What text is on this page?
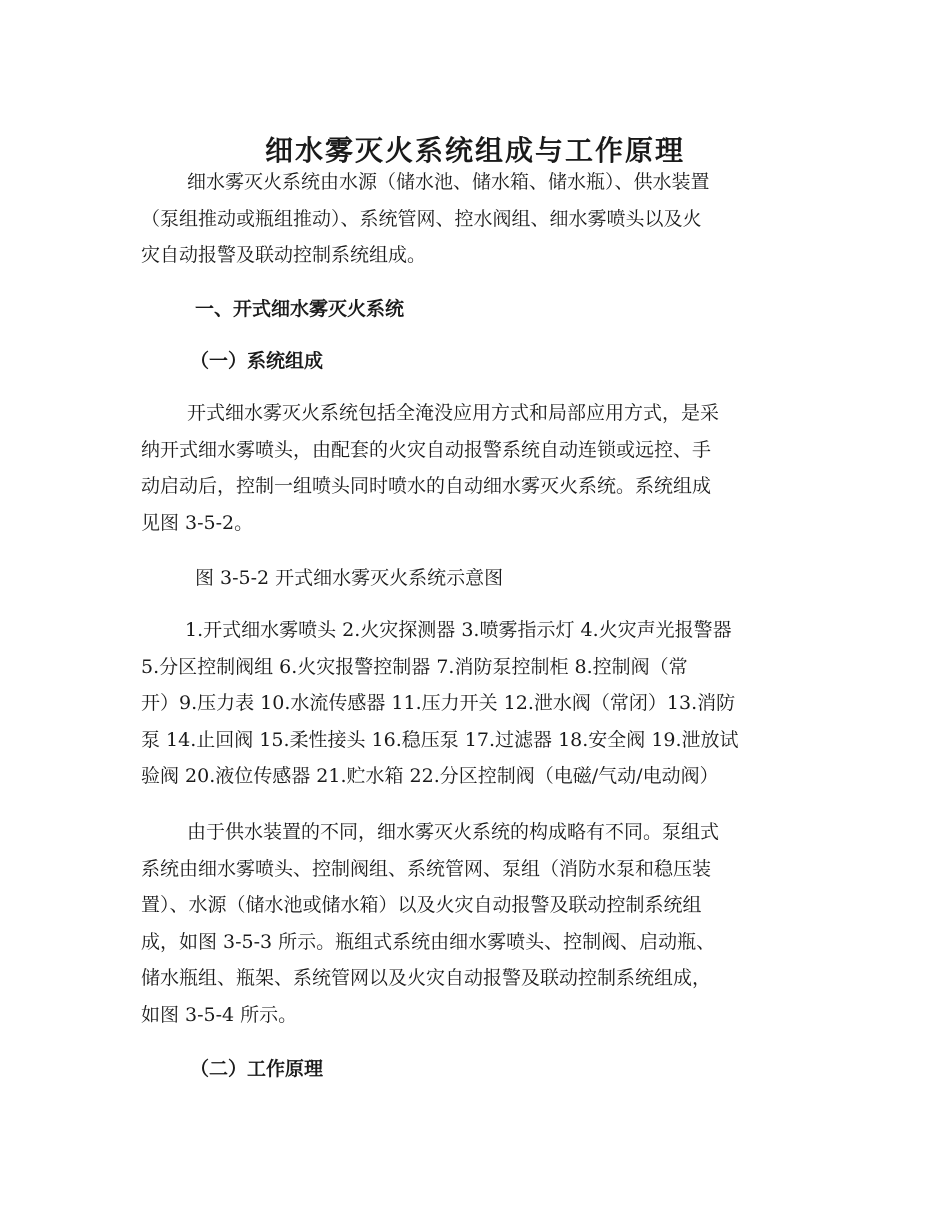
细水雾灭火系统组成与工作原理

细水雾灭火系统由水源（储水池、储水箱、储水瓶）、供水装置
（泵组推动或瓶组推动）、系统管网、控水阀组、细水雾喷头以及火
灾自动报警及联动控制系统组成。

一、开式细水雾灭火系统
（一）系统组成

开式细水雾灭火系统包括全淹没应用方式和局部应用方式，是采
纳开式细水雾喷头，由配套的火灾自动报警系统自动连锁或远控、手
动启动后，控制一组喷头同时喷水的自动细水雾灭火系统。系统组成
见图 3-5-2。

图 3-5-2 开式细水雾灭火系统示意图

1.开式细水雾喷头 2.火灾探测器 3.喷雾指示灯 4.火灾声光报警器
5.分区控制阀组 6.火灾报警控制器 7.消防泵控制柜 8.控制阀（常
开）9.压力表 10.水流传感器 11.压力开关 12.泄水阀（常闭）13.消防
泵 14.止回阀 15.柔性接头 16.稳压泵 17.过滤器 18.安全阀 19.泄放试
验阀 20.液位传感器 21.贮水箱 22.分区控制阀（电磁/气动/电动阀）

由于供水装置的不同，细水雾灭火系统的构成略有不同。泵组式
系统由细水雾喷头、控制阀组、系统管网、泵组（消防水泵和稳压装
置）、水源（储水池或储水箱）以及火灾自动报警及联动控制系统组
成，如图 3-5-3 所示。瓶组式系统由细水雾喷头、控制阀、启动瓶、
储水瓶组、瓶架、系统管网以及火灾自动报警及联动控制系统组成，
如图 3-5-4 所示。

（二）工作原理
